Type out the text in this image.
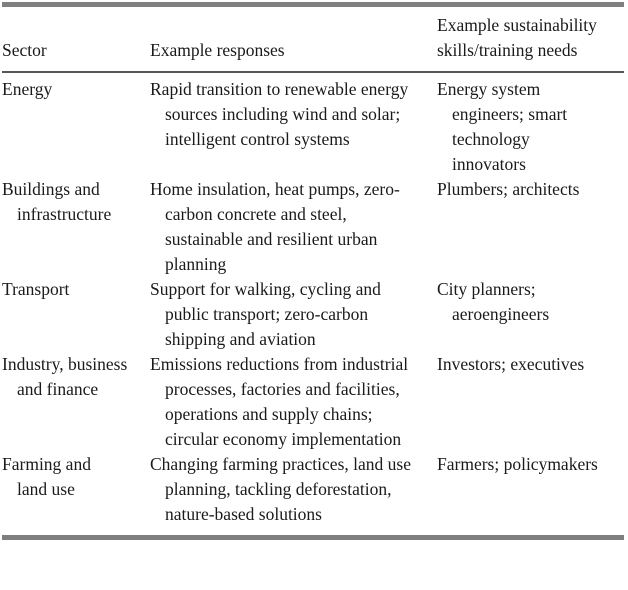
Sector	Example responses	Example sustainability skills/training needs

Energy	Rapid transition to renewable energy sources including wind and solar; intelligent control systems	Energy system engineers; smart technology innovators

Buildings and infrastructure	Home insulation, heat pumps, zero-carbon concrete and steel, sustainable and resilient urban planning	Plumbers; architects

Transport	Support for walking, cycling and public transport; zero-carbon shipping and aviation	City planners; aeroengineers

Industry, business and finance	Emissions reductions from industrial processes, factories and facilities, operations and supply chains; circular economy implementation	Investors; executives

Farming and land use	Changing farming practices, land use planning, tackling deforestation, nature-based solutions	Farmers; policymakers
